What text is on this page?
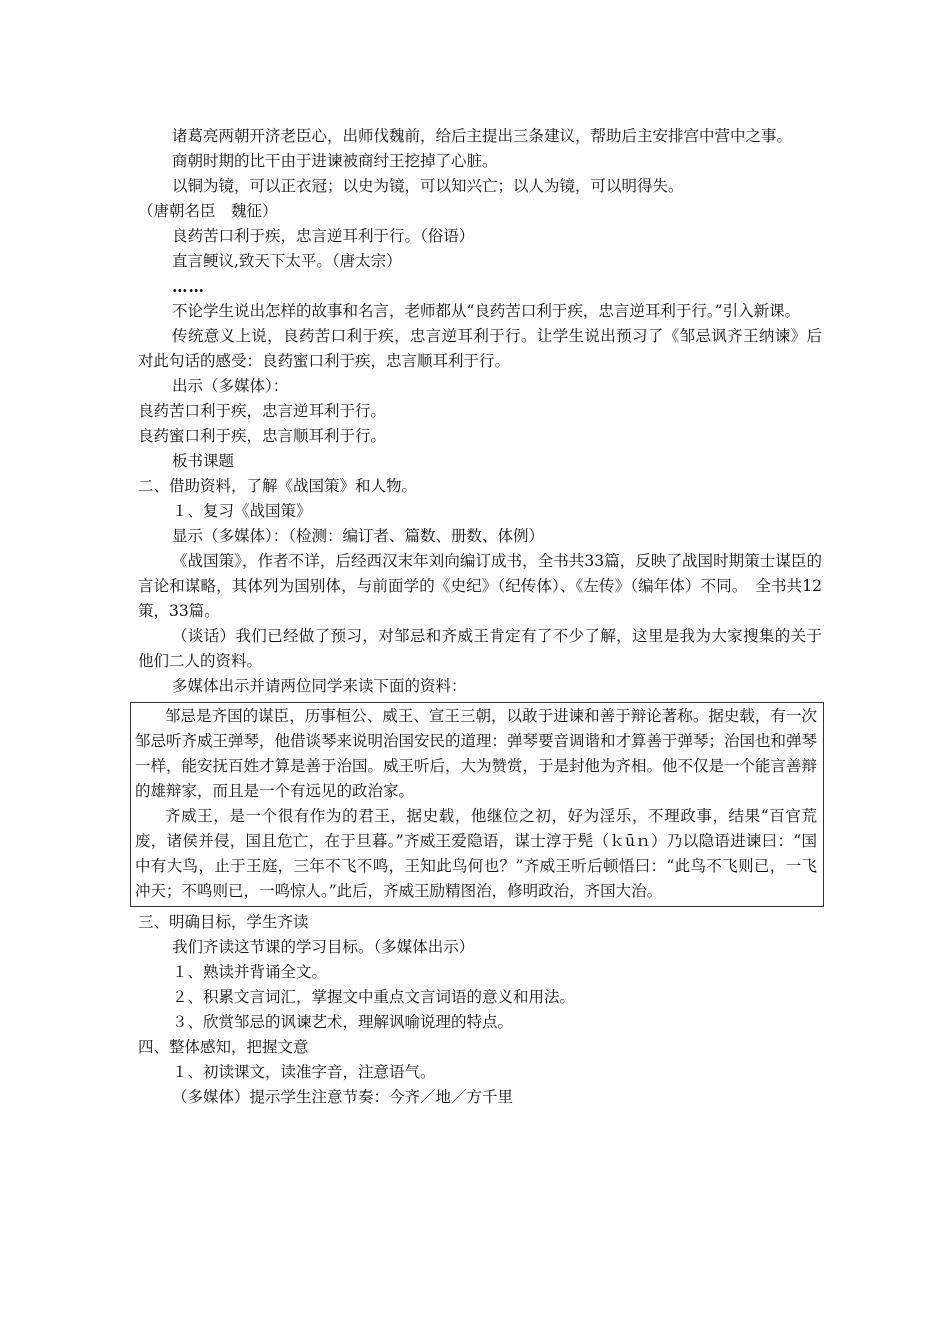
诸葛亮两朝开济老臣心，出师伐魏前，给后主提出三条建议，帮助后主安排宫中营中之事。

商朝时期的比干由于进谏被商纣王挖掉了心脏。

以铜为镜，可以正衣冠；以史为镜，可以知兴亡；以人为镜，可以明得失。

（唐朝名臣　魏征）

良药苦口利于疾，忠言逆耳利于行。（俗语）

直言鲠议,致天下太平。（唐太宗）

……

不论学生说出怎样的故事和名言，老师都从“良药苦口利于疾，忠言逆耳利于行。”引入新课。

传统意义上说，良药苦口利于疾，忠言逆耳利于行。让学生说出预习了《邹忌讽齐王纳谏》后对此句话的感受：良药蜜口利于疾，忠言顺耳利于行。

出示（多媒体）：

良药苦口利于疾，忠言逆耳利于行。

良药蜜口利于疾，忠言顺耳利于行。

板书课题

二、借助资料，了解《战国策》和人物。

１、复习《战国策》

显示（多媒体）：（检测：编订者、篇数、册数、体例）

《战国策》，作者不详，后经西汉末年刘向编订成书，全书共33篇，反映了战国时期策士谋臣的言论和谋略，其体列为国别体，与前面学的《史纪》（纪传体）、《左传》（编年体）不同。　全书共12策，33篇。

（谈话）我们已经做了预习，对邹忌和齐威王肯定有了不少了解，这里是我为大家搜集的关于他们二人的资料。

多媒体出示并请两位同学来读下面的资料：

邹忌是齐国的谋臣，历事桓公、威王、宣王三朝，以敢于进谏和善于辩论著称。据史载，有一次邹忌听齐威王弹琴，他借谈琴来说明治国安民的道理：弹琴要音调谐和才算善于弹琴；治国也和弹琴一样，能安抚百姓才算是善于治国。威王听后，大为赞赏，于是封他为齐相。他不仅是一个能言善辩的雄辩家，而且是一个有远见的政治家。

齐威王，是一个很有作为的君王，据史载，他继位之初，好为淫乐，不理政事，结果“百官荒废，诸侯并侵，国且危亡，在于旦暮。”齐威王爱隐语，谋士淳于髡（ｋūｎ）乃以隐语进谏曰：“国中有大鸟，止于王庭，三年不飞不鸣，王知此鸟何也？”齐威王听后顿悟曰：“此鸟不飞则已，一飞冲天；不鸣则已，一鸣惊人。”此后，齐威王励精图治，修明政治，齐国大治。

三、明确目标，学生齐读

我们齐读这节课的学习目标。（多媒体出示）

１、熟读并背诵全文。

２、积累文言词汇，掌握文中重点文言词语的意义和用法。

３、欣赏邹忌的讽谏艺术，理解讽喻说理的特点。

四、整体感知，把握文意

１、初读课文，读准字音，注意语气。

（多媒体）提示学生注意节奏：今齐／地／方千里
